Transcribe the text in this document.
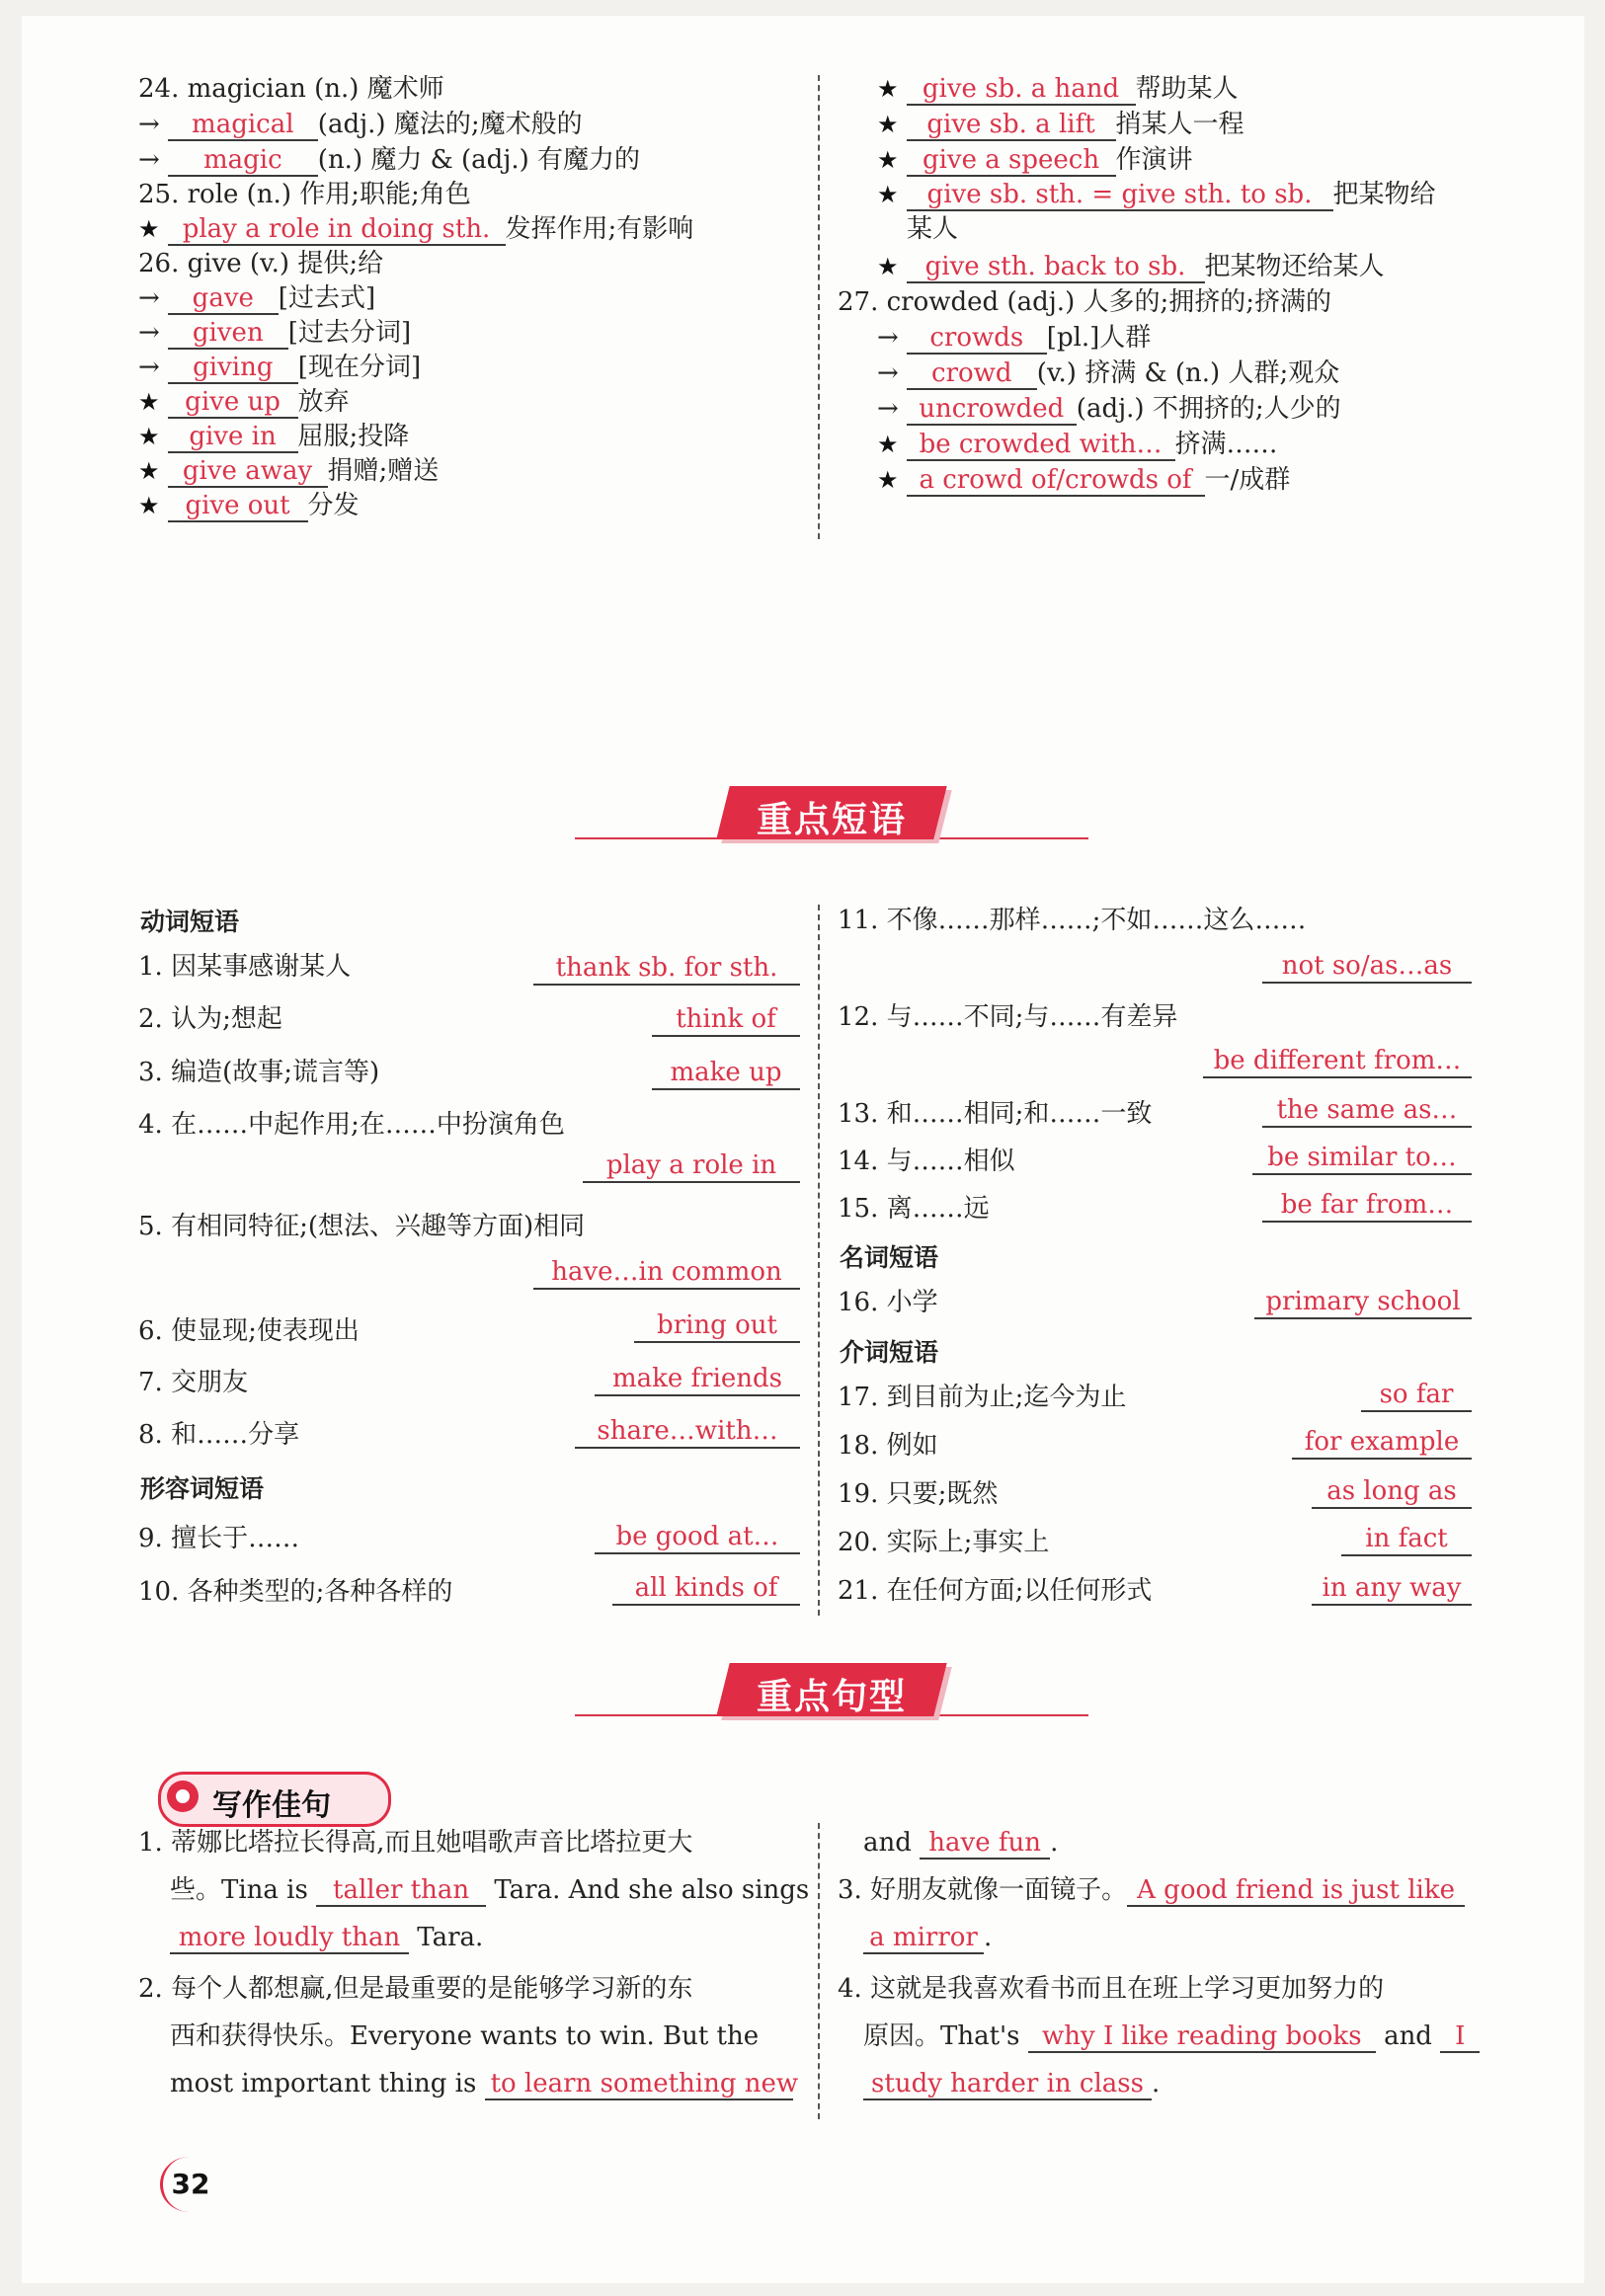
24. magician (n.) 魔术师
→ magical (adj.) 魔法的;魔术般的
→ magic (n.) 魔力 & (adj.) 有魔力的
25. role (n.) 作用;职能;角色
★ play a role in doing sth. 发挥作用;有影响
26. give (v.) 提供;给
→ gave [过去式]
→ given [过去分词]
→ giving [现在分词]
★ give up 放弃
★ give in 屈服;投降
★ give away 捐赠;赠送
★ give out 分发
★ give sb. a hand 帮助某人
★ give sb. a lift 捎某人一程
★ give a speech 作演讲
★ give sb. sth. = give sth. to sb. 把某物给
某人
★ give sth. back to sb. 把某物还给某人
27. crowded (adj.) 人多的;拥挤的;挤满的
→ crowds [pl.]人群
→ crowd (v.) 挤满 & (n.) 人群;观众
→ uncrowded (adj.) 不拥挤的;人少的
★ be crowded with… 挤满……
★ a crowd of/crowds of 一/成群
重点短语
动词短语
1. 因某事感谢某人	thank sb. for sth.
2. 认为;想起	think of
3. 编造(故事;谎言等)	make up
4. 在……中起作用;在……中扮演角色
play a role in
5. 有相同特征;(想法、兴趣等方面)相同
have…in common
6. 使显现;使表现出	bring out
7. 交朋友	make friends
8. 和……分享	share…with…
形容词短语
9. 擅长于……	be good at…
10. 各种类型的;各种各样的	all kinds of
11. 不像……那样……;不如……这么……
not so/as…as
12. 与……不同;与……有差异
be different from…
13. 和……相同;和……一致	the same as…
14. 与……相似	be similar to…
15. 离……远	be far from…
名词短语
16. 小学	primary school
介词短语
17. 到目前为止;迄今为止	so far
18. 例如	for example
19. 只要;既然	as long as
20. 实际上;事实上	in fact
21. 在任何方面;以任何形式	in any way
重点句型
写作佳句
1. 蒂娜比塔拉长得高,而且她唱歌声音比塔拉更大
些。Tina is taller than Tara. And she also sings
more loudly than Tara.
2. 每个人都想赢,但是最重要的是能够学习新的东
西和获得快乐。Everyone wants to win. But the
most important thing is to learn something new
and have fun .
3. 好朋友就像一面镜子。 A good friend is just like
a mirror .
4. 这就是我喜欢看书而且在班上学习更加努力的
原因。That's why I like reading books and I
study harder in class .
32
